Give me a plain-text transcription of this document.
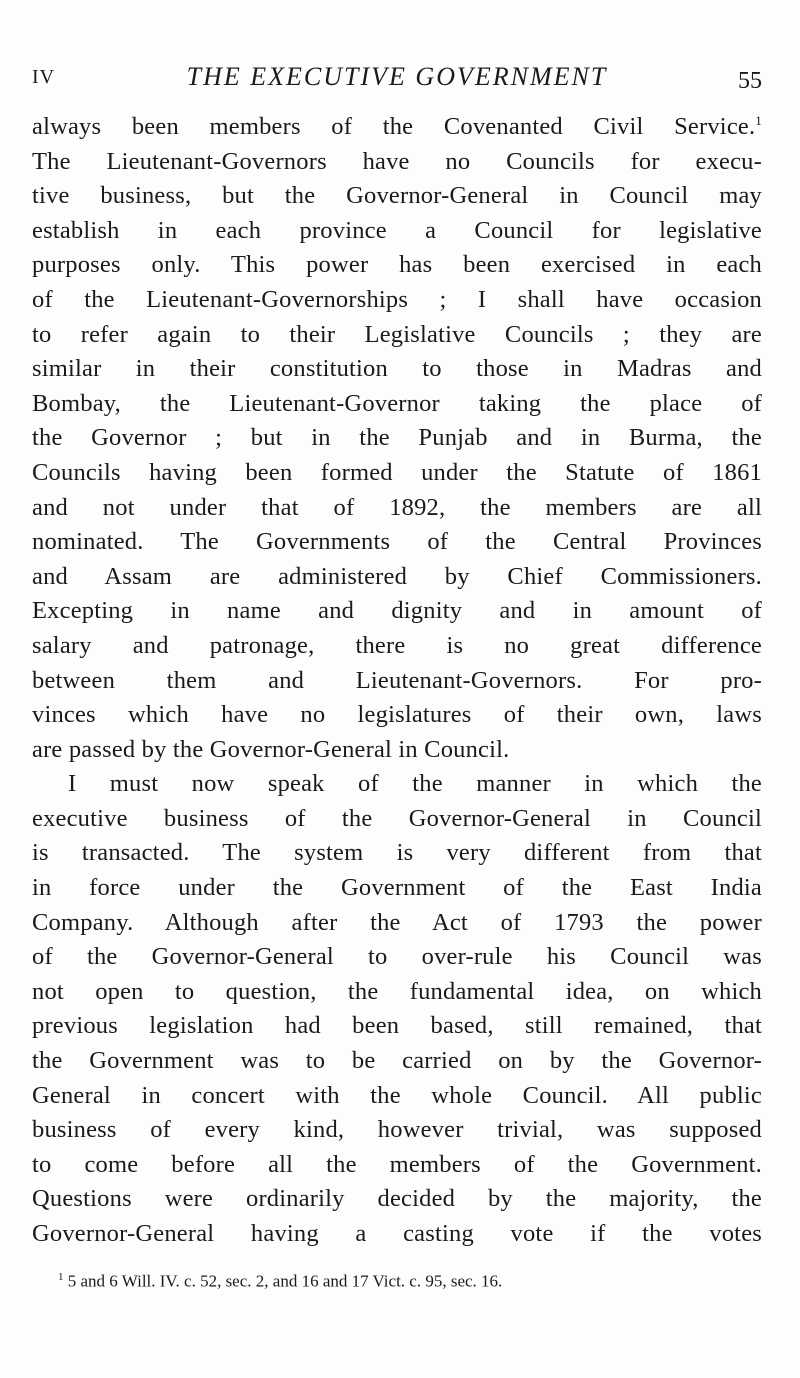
IV	THE EXECUTIVE GOVERNMENT	55
always been members of the Covenanted Civil Service.$^1$
The Lieutenant-Governors have no Councils for execu-
tive business, but the Governor-General in Council may
establish in each province a Council for legislative
purposes only. This power has been exercised in each
of the Lieutenant-Governorships ; I shall have occasion
to refer again to their Legislative Councils ; they are
similar in their constitution to those in Madras and
Bombay, the Lieutenant-Governor taking the place of
the Governor ; but in the Punjab and in Burma, the
Councils having been formed under the Statute of 1861
and not under that of 1892, the members are all
nominated. The Governments of the Central Provinces
and Assam are administered by Chief Commissioners.
Excepting in name and dignity and in amount of
salary and patronage, there is no great difference
between them and Lieutenant-Governors. For pro-
vinces which have no legislatures of their own, laws
are passed by the Governor-General in Council.
I must now speak of the manner in which the
executive business of the Governor-General in Council
is transacted. The system is very different from that
in force under the Government of the East India
Company. Although after the Act of 1793 the power
of the Governor-General to over-rule his Council was
not open to question, the fundamental idea, on which
previous legislation had been based, still remained, that
the Government was to be carried on by the Governor-
General in concert with the whole Council. All public
business of every kind, however trivial, was supposed
to come before all the members of the Government.
Questions were ordinarily decided by the majority, the
Governor-General having a casting vote if the votes
$^1$ 5 and 6 Will. IV. c. 52, sec. 2, and 16 and 17 Vict. c. 95, sec. 16.
